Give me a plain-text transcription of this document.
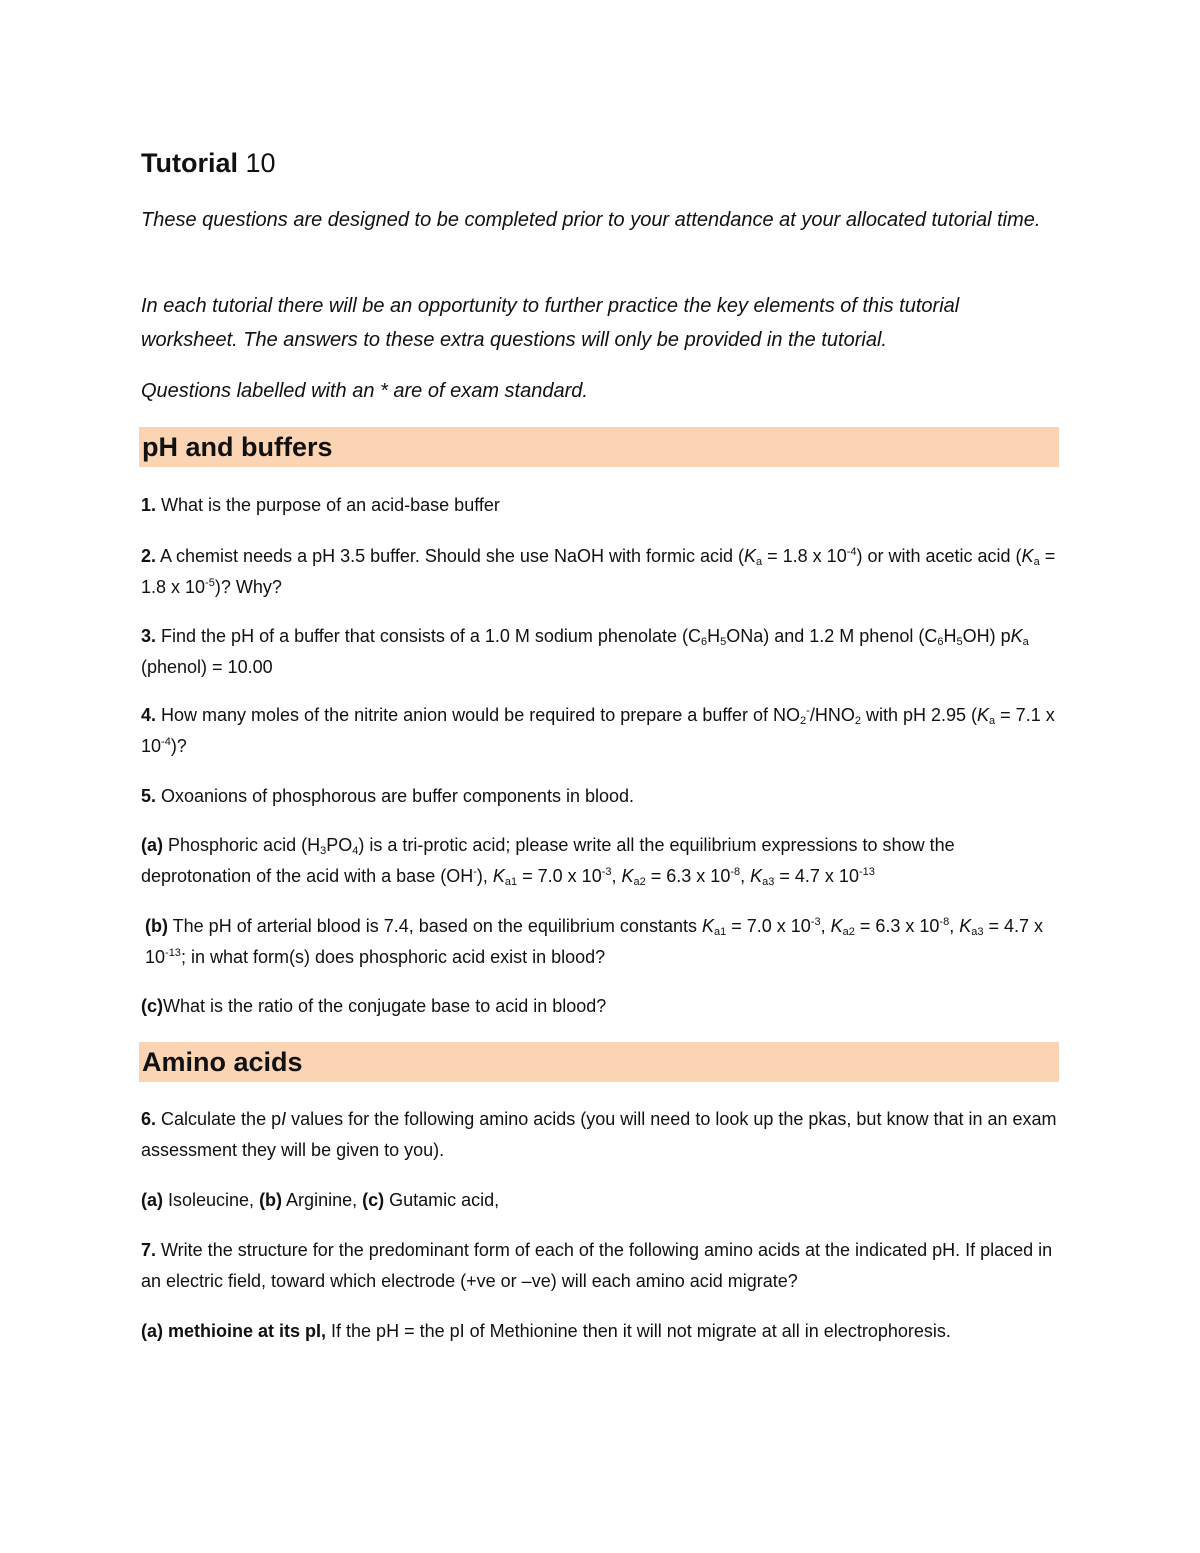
Tutorial 10

These questions are designed to be completed prior to your attendance at your allocated tutorial time.

In each tutorial there will be an opportunity to further practice the key elements of this tutorial worksheet. The answers to these extra questions will only be provided in the tutorial.

Questions labelled with an * are of exam standard.

pH and buffers

1. What is the purpose of an acid-base buffer

2. A chemist needs a pH 3.5 buffer. Should she use NaOH with formic acid ($K_a = 1.8$ x $10^{-4}$) or with acetic acid ($K_a = 1.8$ x $10^{-5}$)? Why?

3. Find the pH of a buffer that consists of a 1.0 M sodium phenolate $(C_6H_5ONa)$ and 1.2 M phenol $(C_6H_5OH)$ $pK_a$ (phenol) = 10.00

4. How many moles of the nitrite anion would be required to prepare a buffer of $NO_2^-/HNO_2$ with pH 2.95 ($K_a = 7.1$ x $10^{-4}$)?

5. Oxoanions of phosphorous are buffer components in blood.

(a) Phosphoric acid $(H_3PO_4)$ is a tri-protic acid; please write all the equilibrium expressions to show the deprotonation of the acid with a base (OH-), $K_{a1} = 7.0$ x $10^{-3}$, $K_{a2} = 6.3$ x $10^{-8}$, $K_{a3} = 4.7$ x $10^{-13}$

(b) The pH of arterial blood is 7.4, based on the equilibrium constants $K_{a1} = 7.0$ x $10^{-3}$, $K_{a2} = 6.3$ x $10^{-8}$, $K_{a3} = 4.7$ x $10^{-13}$; in what form(s) does phosphoric acid exist in blood?

(c)What is the ratio of the conjugate base to acid in blood?

Amino acids

6. Calculate the pI values for the following amino acids (you will need to look up the pkas, but know that in an exam assessment they will be given to you).

(a) Isoleucine, (b) Arginine, (c) Gutamic acid,

7. Write the structure for the predominant form of each of the following amino acids at the indicated pH. If placed in an electric field, toward which electrode (+ve or –ve) will each amino acid migrate?

(a) methioine at its pI, If the pH = the pI of Methionine then it will not migrate at all in electrophoresis.
